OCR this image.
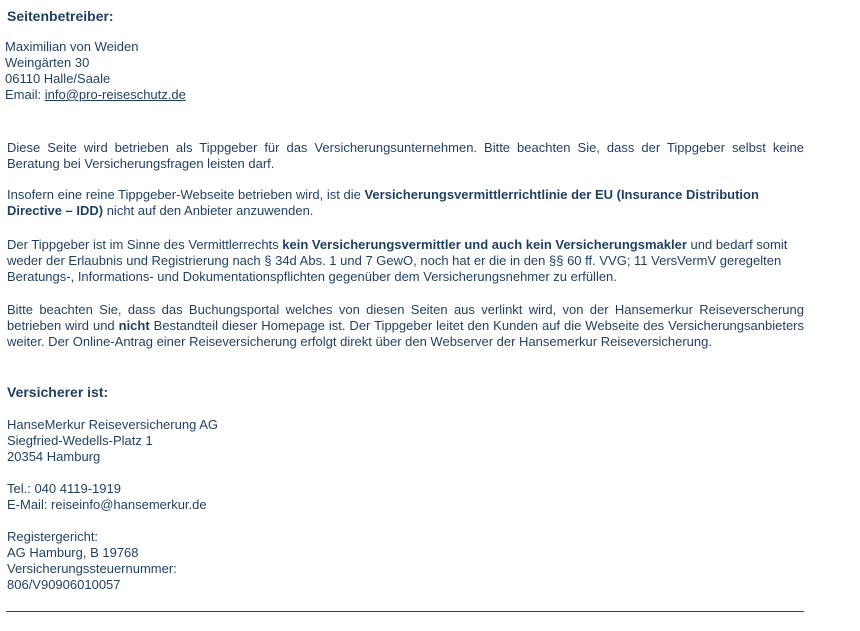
Seitenbetreiber:
Maximilian von Weiden
Weingärten 30
06110 Halle/Saale
Email: info@pro-reiseschutz.de

Diese Seite wird betrieben als Tippgeber für das Versicherungsunternehmen. Bitte beachten Sie, dass der Tippgeber selbst keine Beratung bei Versicherungsfragen leisten darf.

Insofern eine reine Tippgeber-Webseite betrieben wird, ist die Versicherungsvermittlerrichtlinie der EU (Insurance Distribution Directive – IDD) nicht auf den Anbieter anzuwenden.

Der Tippgeber ist im Sinne des Vermittlerrechts kein Versicherungsvermittler und auch kein Versicherungsmakler und bedarf somit weder der Erlaubnis und Registrierung nach § 34d Abs. 1 und 7 GewO, noch hat er die in den §§ 60 ff. VVG; 11 VersVermV geregelten Beratungs-, Informations- und Dokumentationspflichten gegenüber dem Versicherungsnehmer zu erfüllen.

Bitte beachten Sie, dass das Buchungsportal welches von diesen Seiten aus verlinkt wird, von der Hansemerkur Reiseverscherung betrieben wird und nicht Bestandteil dieser Homepage ist. Der Tippgeber leitet den Kunden auf die Webseite des Versicherungsanbieters weiter. Der Online-Antrag einer Reiseversicherung erfolgt direkt über den Webserver der Hansemerkur Reiseversicherung.

Versicherer ist:
HanseMerkur Reiseversicherung AG
Siegfried-Wedells-Platz 1
20354 Hamburg
Tel.: 040 4119-1919
E-Mail: reiseinfo@hansemerkur.de
Registergericht:
AG Hamburg, B 19768
Versicherungssteuernummer:
806/V90906010057
